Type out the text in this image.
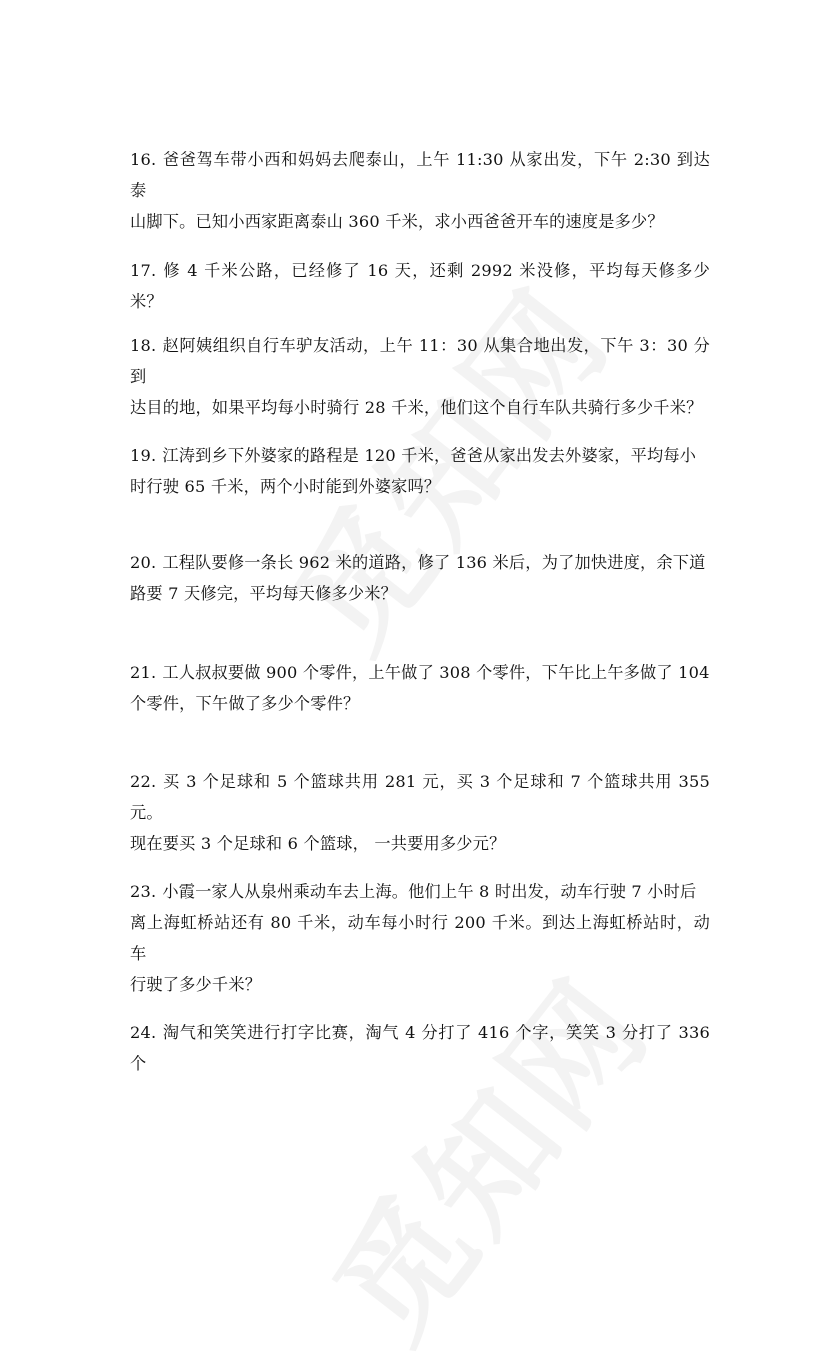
16. 爸爸驾车带小西和妈妈去爬泰山，上午 11:30 从家出发，下午 2:30 到达泰
山脚下。已知小西家距离泰山 360 千米，求小西爸爸开车的速度是多少？
17. 修 4 千米公路，已经修了 16 天，还剩 2992 米没修，平均每天修多少米？
18. 赵阿姨组织自行车驴友活动，上午 11：30 从集合地出发，下午 3：30 分到
达目的地，如果平均每小时骑行 28 千米，他们这个自行车队共骑行多少千米？
19. 江涛到乡下外婆家的路程是 120 千米，爸爸从家出发去外婆家，平均每小
时行驶 65 千米，两个小时能到外婆家吗？
20. 工程队要修一条长 962 米的道路，修了 136 米后，为了加快进度，余下道
路要 7 天修完，平均每天修多少米？
21. 工人叔叔要做 900 个零件，上午做了 308 个零件，下午比上午多做了 104
个零件，下午做了多少个零件？
22. 买 3 个足球和 5 个篮球共用 281 元，买 3 个足球和 7 个篮球共用 355 元。
现在要买 3 个足球和 6 个篮球， 一共要用多少元？
23. 小霞一家人从泉州乘动车去上海。他们上午 8 时出发，动车行驶 7 小时后
离上海虹桥站还有 80 千米，动车每小时行 200 千米。到达上海虹桥站时，动车
行驶了多少千米？
24. 淘气和笑笑进行打字比赛，淘气 4 分打了 416 个字，笑笑 3 分打了 336 个
